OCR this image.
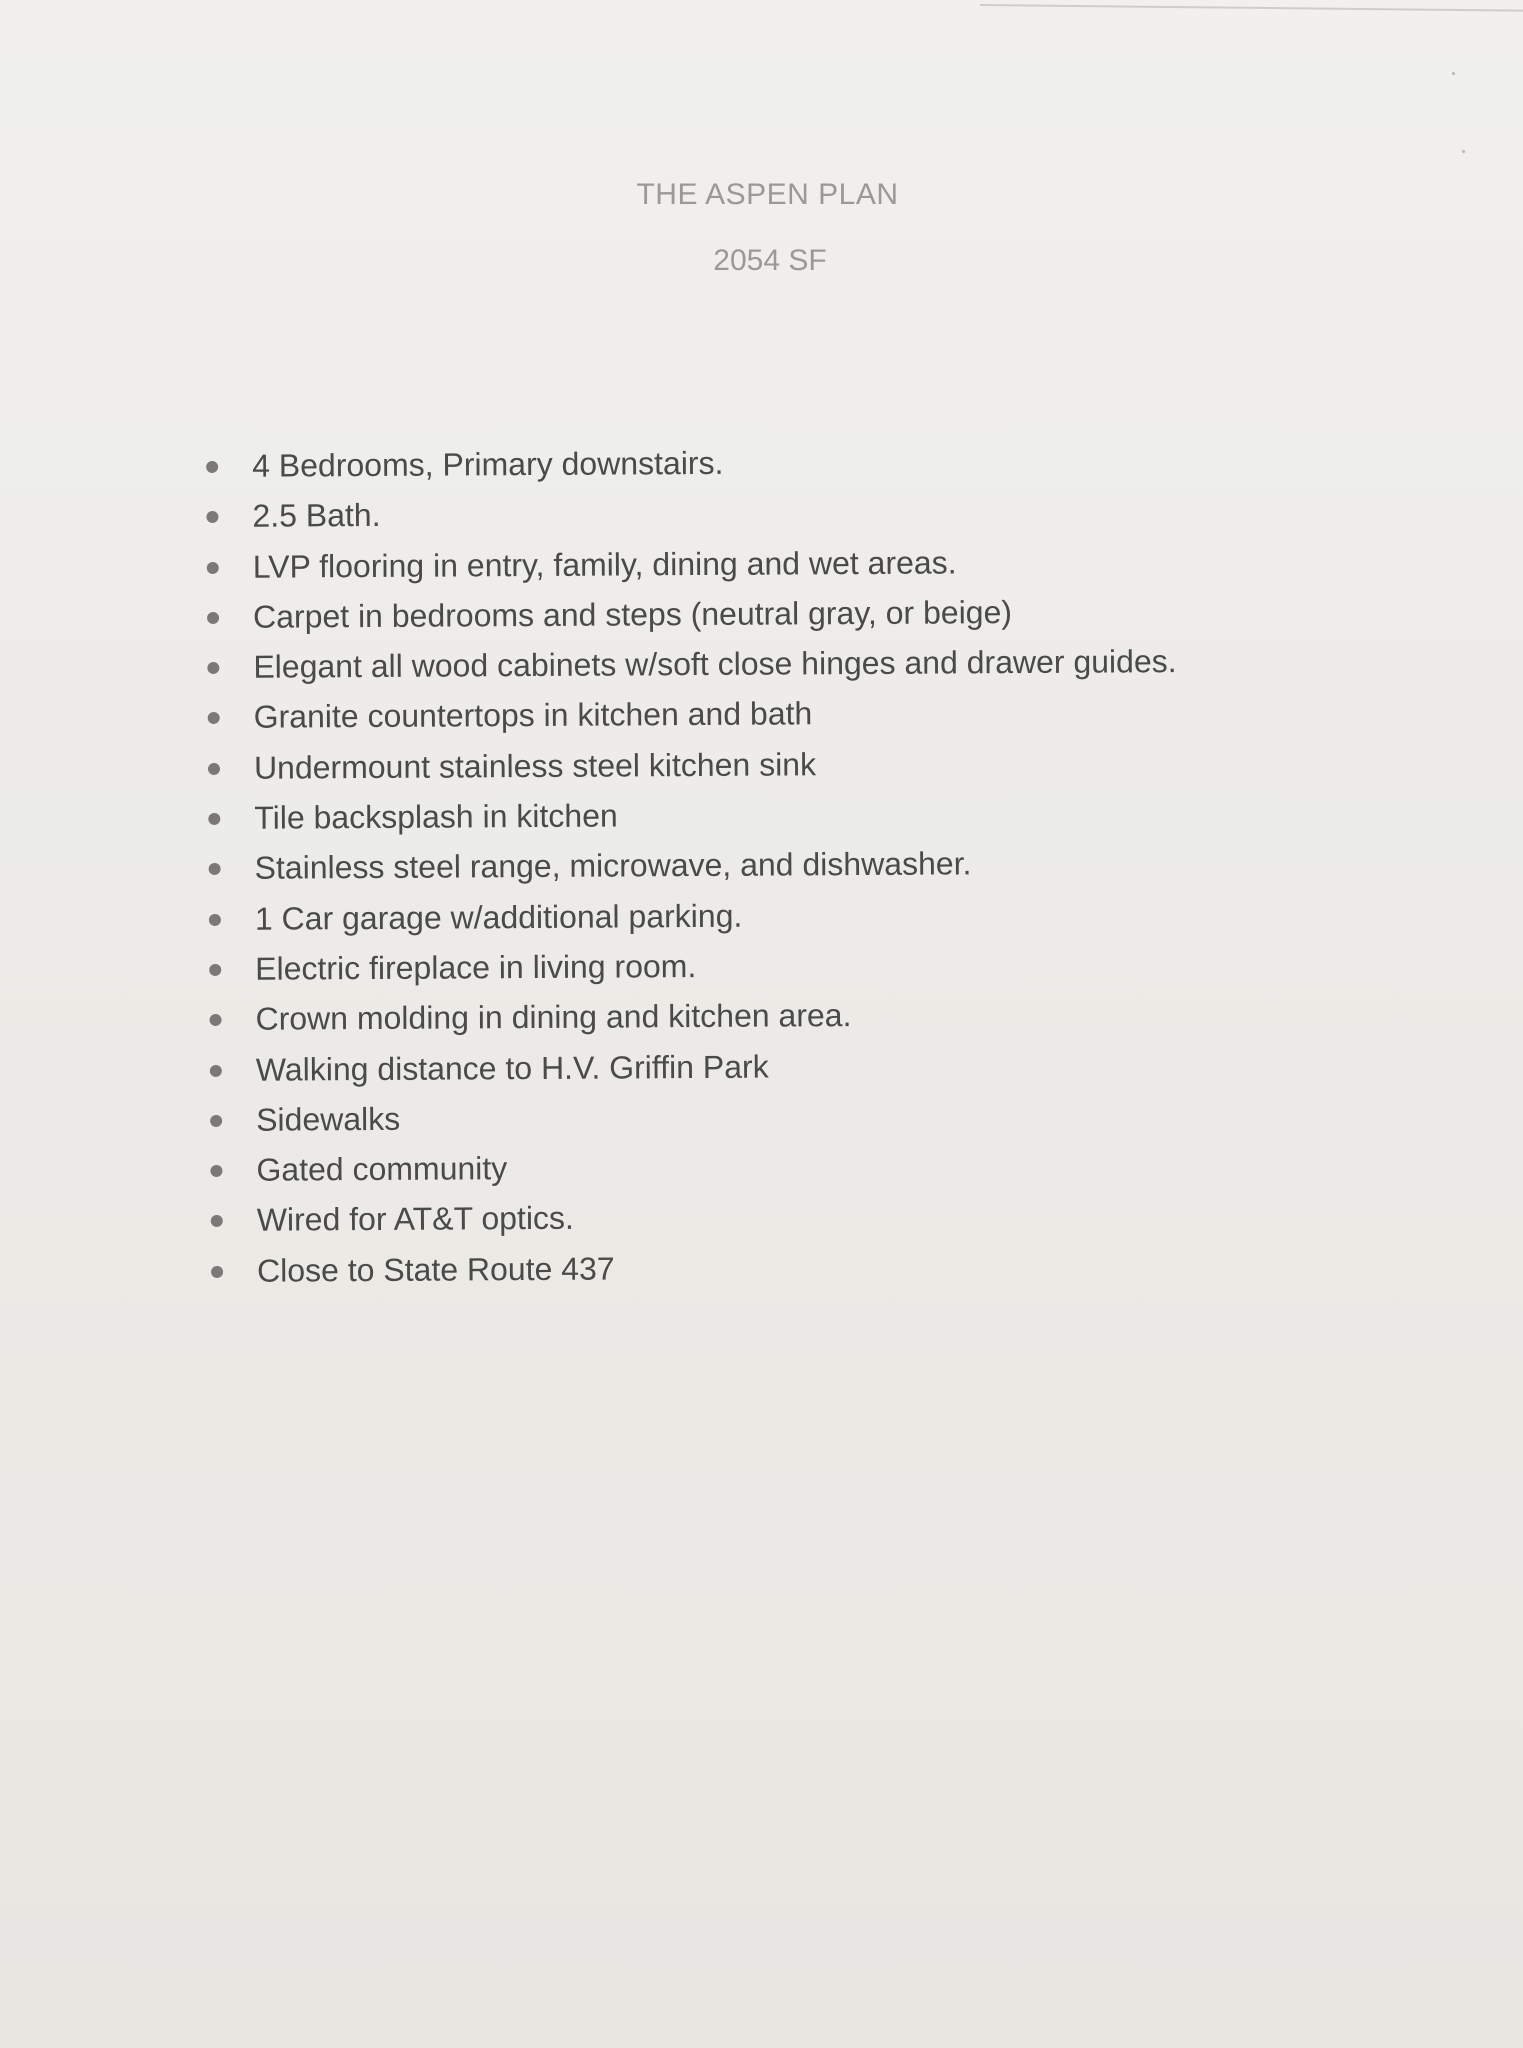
THE ASPEN PLAN
2054 SF
4 Bedrooms, Primary downstairs.
2.5 Bath.
LVP flooring in entry, family, dining and wet areas.
Carpet in bedrooms and steps (neutral gray, or beige)
Elegant all wood cabinets w/soft close hinges and drawer guides.
Granite countertops in kitchen and bath
Undermount stainless steel kitchen sink
Tile backsplash in kitchen
Stainless steel range, microwave, and dishwasher.
1 Car garage w/additional parking.
Electric fireplace in living room.
Crown molding in dining and kitchen area.
Walking distance to H.V. Griffin Park
Sidewalks
Gated community
Wired for AT&T optics.
Close to State Route 437
